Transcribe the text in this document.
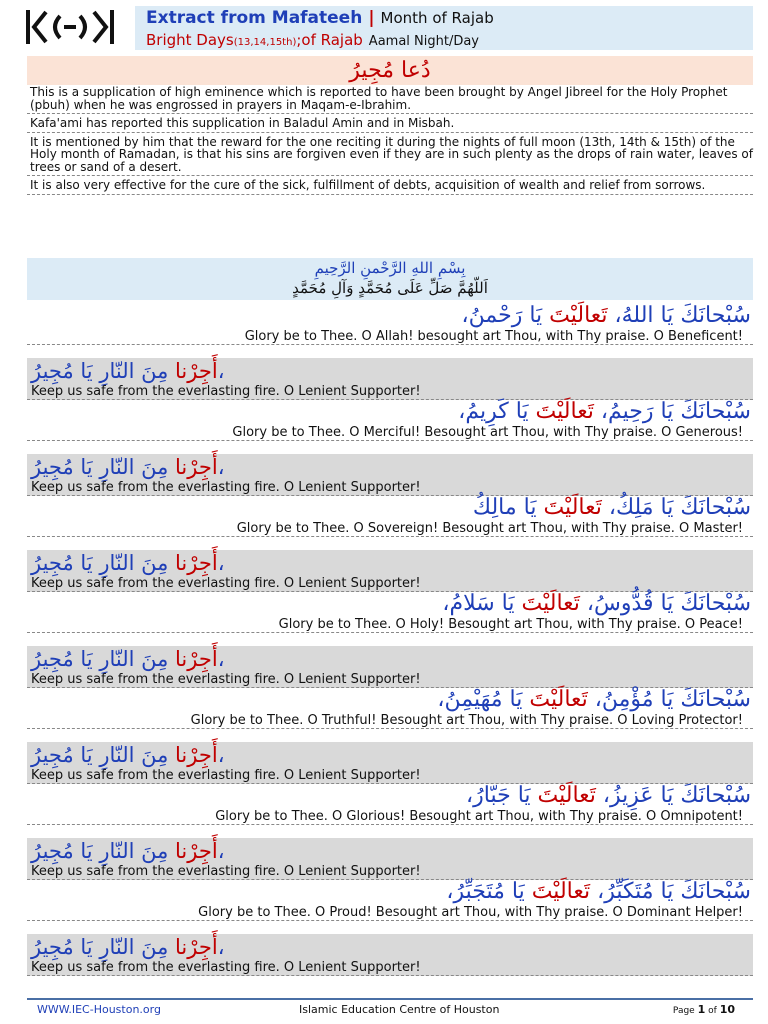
Extract from Mafateeh | Month of Rajab
Bright Days(13,14,15th);of Rajab Aamal Night/Day
دُعا مُجِيرُ
This is a supplication of high eminence which is reported to have been brought by Angel Jibreel for the Holy Prophet (pbuh) when he was engrossed in prayers in Maqam-e-Ibrahim.
Kafa'ami has reported this supplication in Baladul Amin and in Misbah.
It is mentioned by him that the reward for the one reciting it during the nights of full moon (13th, 14th & 15th) of the Holy month of Ramadan, is that his sins are forgiven even if they are in such plenty as the drops of rain water, leaves of trees or sand of a desert.
It is also very effective for the cure of the sick, fulfillment of debts, acquisition of wealth and relief from sorrows.
بِسْمِ اللهِ الرَّحْمنِ الرَّحِيمِ
اَللّهُمَّ صَلِّ عَلَى مُحَمَّدٍ وَآلِ مُحَمَّدٍ
سُبْحانَكَ يَا اللهُ، تَعالَيْتَ يَا رَحْمنُ،
Glory be to Thee. O Allah! besought art Thou, with Thy praise. O Beneficent!
أَجِرْنا مِنَ النّارِ يَا مُجِيرُ،
Keep us safe from the everlasting fire. O Lenient Supporter!
سُبْحانَكَ يَا رَحِيمُ، تَعالَيْتَ يَا كَرِيمُ،
Glory be to Thee. O Merciful! Besought art Thou, with Thy praise. O Generous!
أَجِرْنا مِنَ النّارِ يَا مُجِيرُ،
Keep us safe from the everlasting fire. O Lenient Supporter!
سُبْحانَكَ يَا مَلِكُ، تَعالَيْتَ يَا مالِكُ
Glory be to Thee. O Sovereign! Besought art Thou, with Thy praise. O Master!
أَجِرْنا مِنَ النّارِ يَا مُجِيرُ،
Keep us safe from the everlasting fire. O Lenient Supporter!
سُبْحانَكَ يَا قُدُّوسُ، تَعالَيْتَ يَا سَلامُ،
Glory be to Thee. O Holy! Besought art Thou, with Thy praise. O Peace!
أَجِرْنا مِنَ النّارِ يَا مُجِيرُ،
Keep us safe from the everlasting fire. O Lenient Supporter!
سُبْحانَكَ يَا مُؤْمِنُ، تَعالَيْتَ يَا مُهَيْمِنُ،
Glory be to Thee. O Truthful! Besought art Thou, with Thy praise. O Loving Protector!
أَجِرْنا مِنَ النّارِ يَا مُجِيرُ،
Keep us safe from the everlasting fire. O Lenient Supporter!
سُبْحانَكَ يَا عَزِيزُ، تَعالَيْتَ يَا جَبّارُ،
Glory be to Thee. O Glorious! Besought art Thou, with Thy praise. O Omnipotent!
أَجِرْنا مِنَ النّارِ يَا مُجِيرُ،
Keep us safe from the everlasting fire. O Lenient Supporter!
سُبْحانَكَ يَا مُتَكَبِّرُ، تَعالَيْتَ يَا مُتَجَبِّرُ،
Glory be to Thee. O Proud! Besought art Thou, with Thy praise. O Dominant Helper!
أَجِرْنا مِنَ النّارِ يَا مُجِيرُ،
Keep us safe from the everlasting fire. O Lenient Supporter!
WWW.IEC-Houston.org	Islamic Education Centre of Houston	Page 1 of 10
